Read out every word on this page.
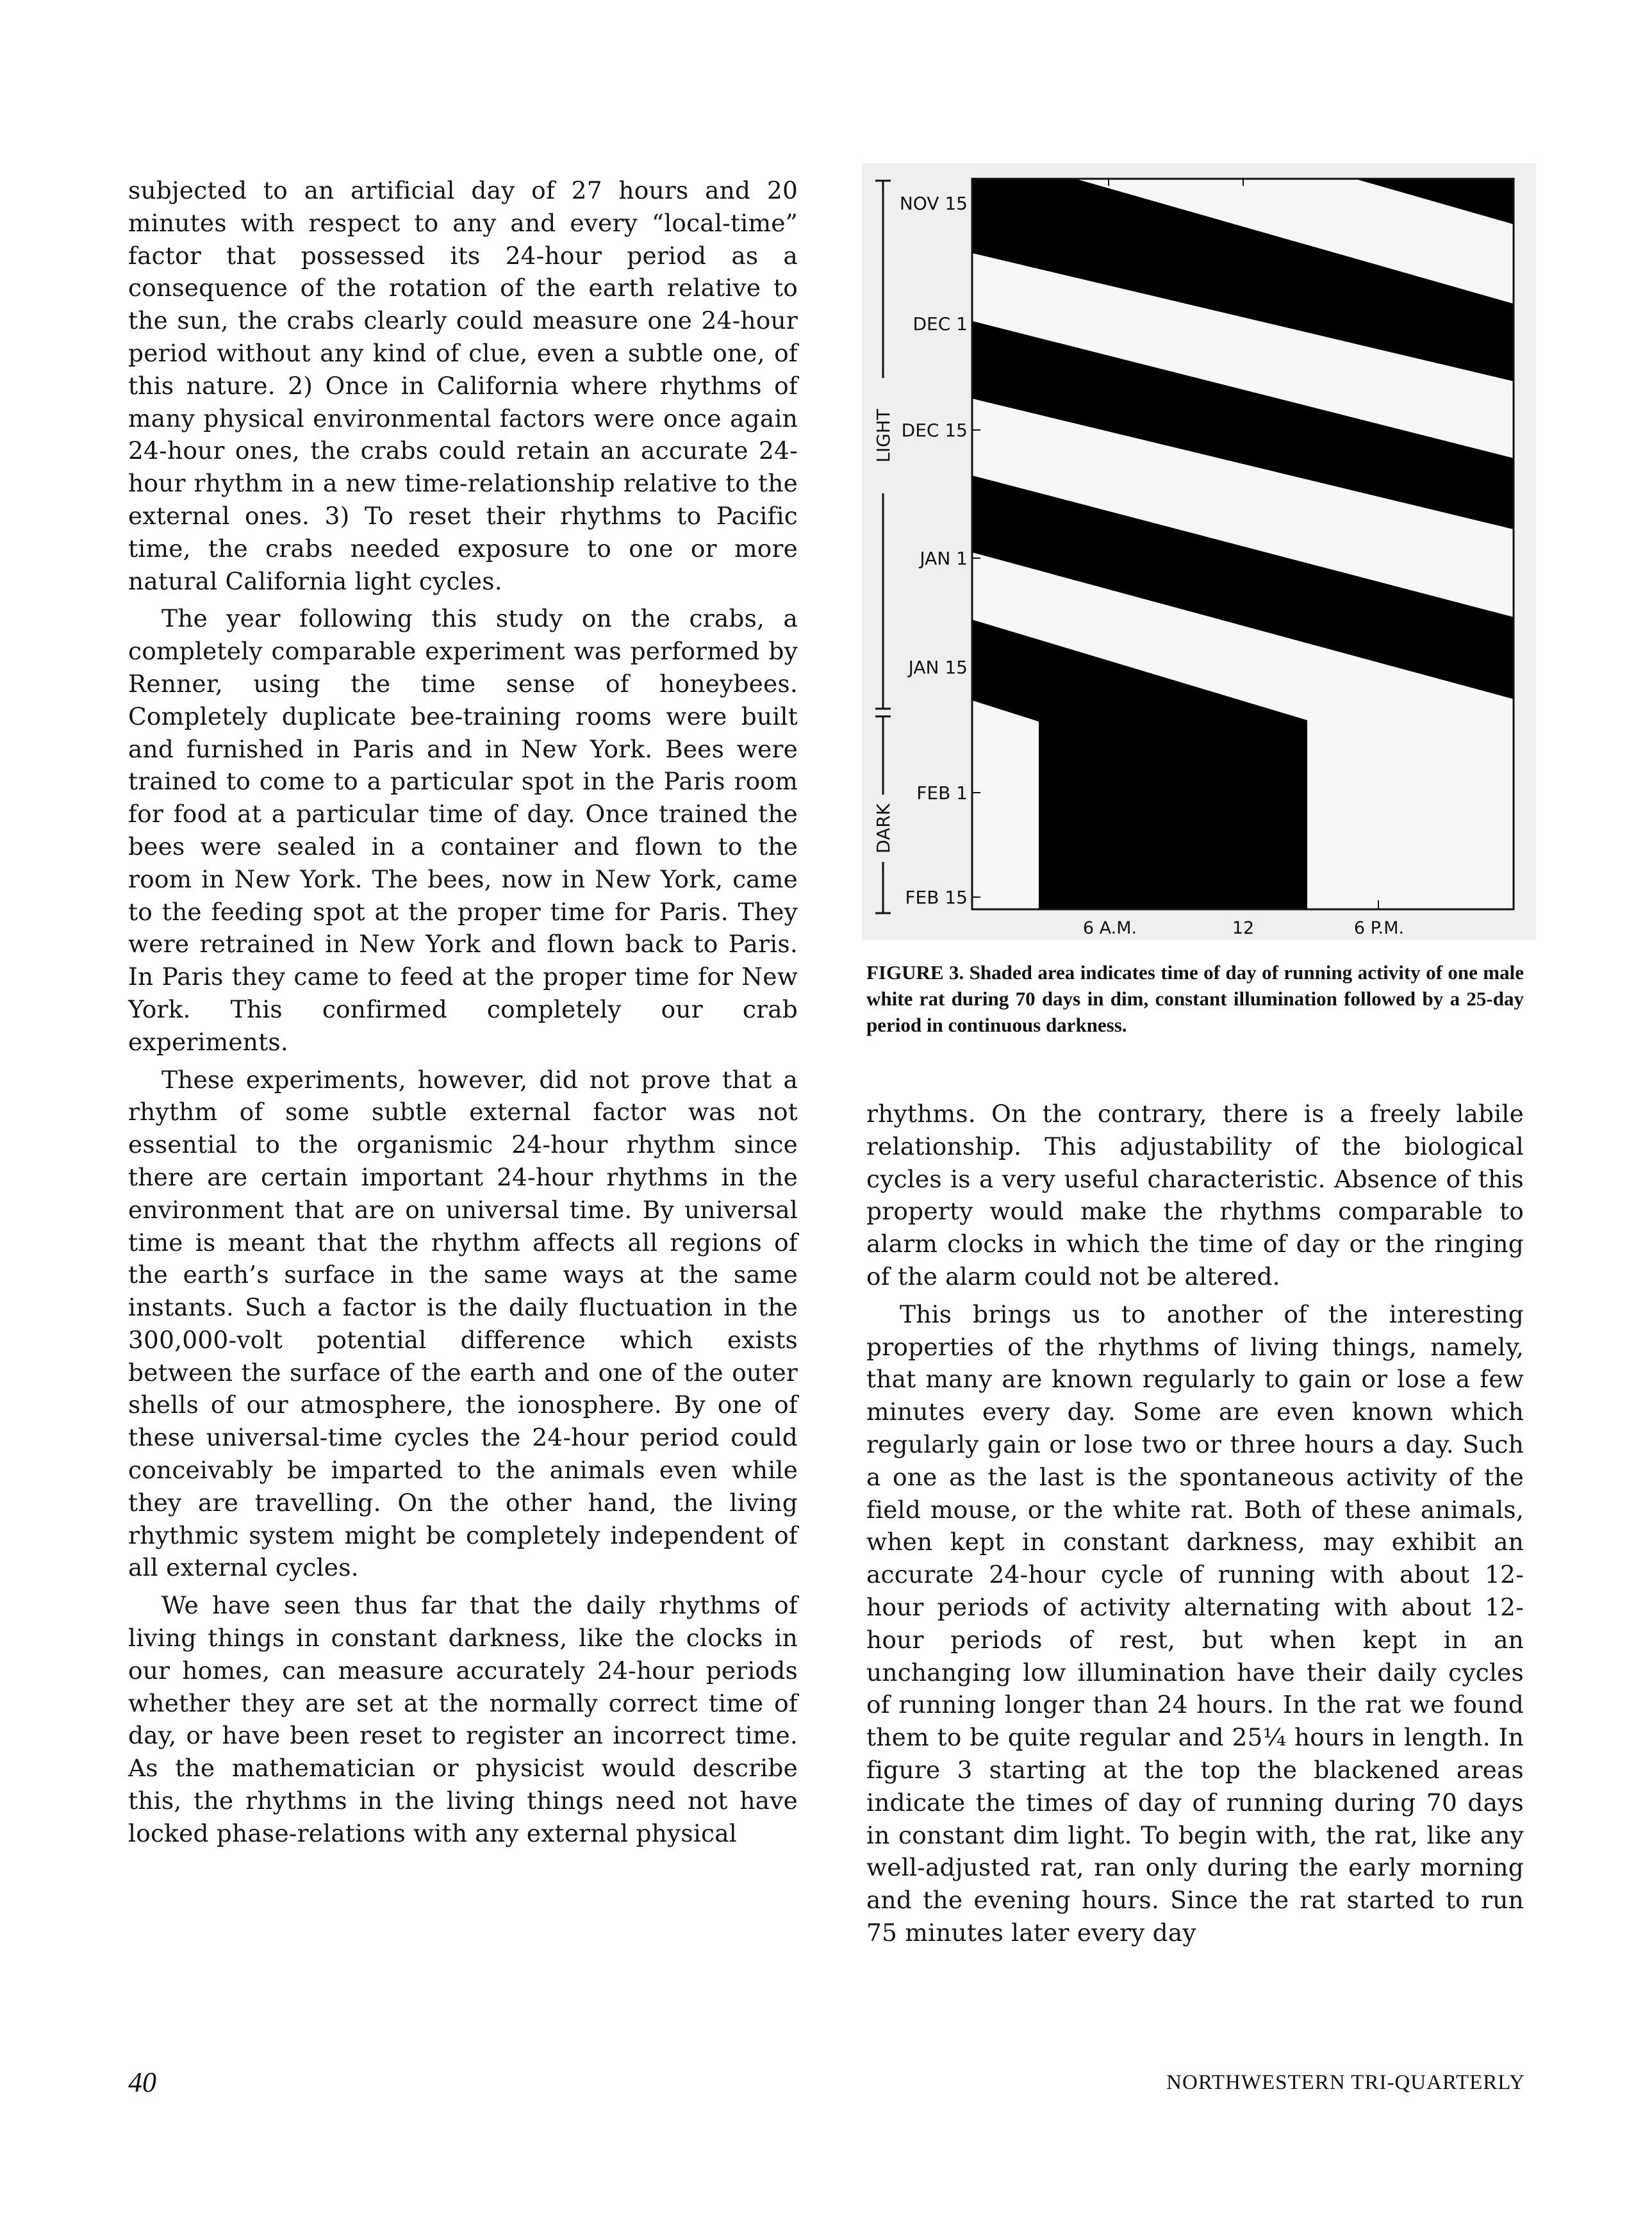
subjected to an artificial day of 27 hours and 20 minutes with respect to any and every “local-time” factor that possessed its 24-hour period as a consequence of the rotation of the earth relative to the sun, the crabs clearly could measure one 24-hour period without any kind of clue, even a subtle one, of this nature. 2) Once in California where rhythms of many physical environmental factors were once again 24-hour ones, the crabs could retain an accurate 24-hour rhythm in a new time-relationship relative to the external ones. 3) To reset their rhythms to Pacific time, the crabs needed exposure to one or more natural California light cycles.

The year following this study on the crabs, a completely comparable experiment was performed by Renner, using the time sense of honeybees. Completely duplicate bee-training rooms were built and furnished in Paris and in New York. Bees were trained to come to a particular spot in the Paris room for food at a particular time of day. Once trained the bees were sealed in a container and flown to the room in New York. The bees, now in New York, came to the feeding spot at the proper time for Paris. They were retrained in New York and flown back to Paris. In Paris they came to feed at the proper time for New York. This confirmed completely our crab experiments.

These experiments, however, did not prove that a rhythm of some subtle external factor was not essential to the organismic 24-hour rhythm since there are certain important 24-hour rhythms in the environment that are on universal time. By universal time is meant that the rhythm affects all regions of the earth’s surface in the same ways at the same instants. Such a factor is the daily fluctuation in the 300,000-volt potential difference which exists between the surface of the earth and one of the outer shells of our atmosphere, the ionosphere. By one of these universal-time cycles the 24-hour period could conceivably be imparted to the animals even while they are travelling. On the other hand, the living rhythmic system might be completely independent of all external cycles.

We have seen thus far that the daily rhythms of living things in constant darkness, like the clocks in our homes, can measure accurately 24-hour periods whether they are set at the normally correct time of day, or have been reset to register an incorrect time. As the mathematician or physicist would describe this, the rhythms in the living things need not have locked phase-relations with any external physical

NOV 15
DEC 1
DEC 15
JAN 1
JAN 15
FEB 1
FEB 15
6 A.M.	12	6 P.M.
LIGHT
DARK
FIGURE 3. Shaded area indicates time of day of running activity of one male white rat during 70 days in dim, constant illumination followed by a 25-day period in continuous darkness.

rhythms. On the contrary, there is a freely labile relationship. This adjustability of the biological cycles is a very useful characteristic. Absence of this property would make the rhythms comparable to alarm clocks in which the time of day or the ringing of the alarm could not be altered.

This brings us to another of the interesting properties of the rhythms of living things, namely, that many are known regularly to gain or lose a few minutes every day. Some are even known which regularly gain or lose two or three hours a day. Such a one as the last is the spontaneous activity of the field mouse, or the white rat. Both of these animals, when kept in constant darkness, may exhibit an accurate 24-hour cycle of running with about 12-hour periods of activity alternating with about 12-hour periods of rest, but when kept in an unchanging low illumination have their daily cycles of running longer than 24 hours. In the rat we found them to be quite regular and 25¼ hours in length. In figure 3 starting at the top the blackened areas indicate the times of day of running during 70 days in constant dim light. To begin with, the rat, like any well-adjusted rat, ran only during the early morning and the evening hours. Since the rat started to run 75 minutes later every day

40	NORTHWESTERN TRI-QUARTERLY
